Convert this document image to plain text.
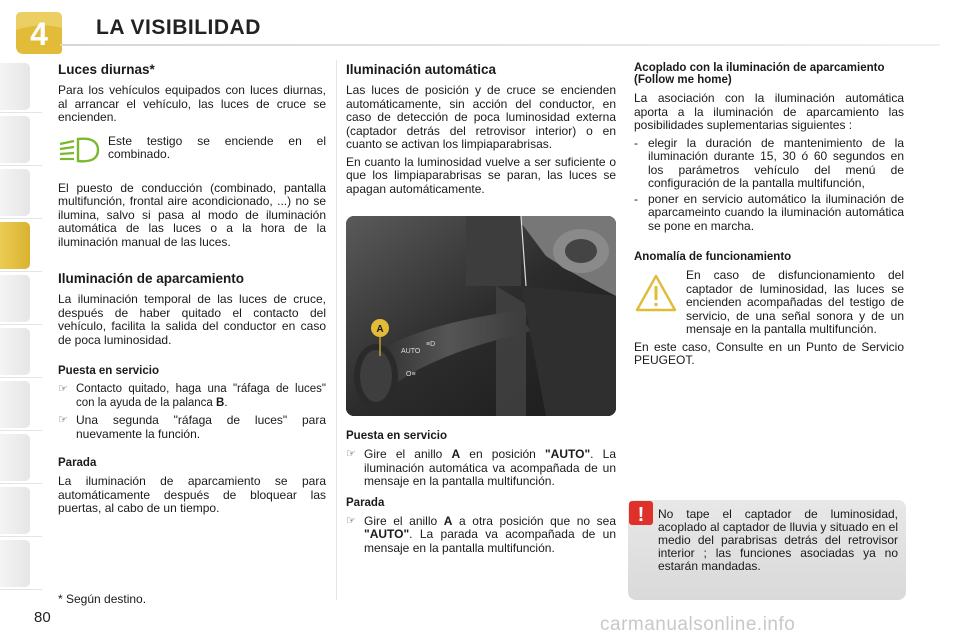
4 LA VISIBILIDAD
Luces diurnas*

Para los vehículos equipados con luces diurnas, al arrancar el vehículo, las luces de cruce se encienden.

Este testigo se enciende en el combinado.

El puesto de conducción (combinado, pantalla multifunción, frontal aire acondicionado, ...) no se ilumina, salvo si pasa al modo de iluminación automática de las luces o a la hora de la iluminación manual de las luces.

Iluminación de aparcamiento

La iluminación temporal de las luces de cruce, después de haber quitado el contacto del vehículo, facilita la salida del conductor en caso de poca luminosidad.

Puesta en servicio
☞ Contacto quitado, haga una "ráfaga de luces" con la ayuda de la palanca B.
☞ Una segunda "ráfaga de luces" para nuevamente la función.
Parada

La iluminación de aparcamiento se para automáticamente después de bloquear las puertas, al cabo de un tiempo.

* Según destino.
Iluminación automática

Las luces de posición y de cruce se encienden automáticamente, sin acción del conductor, en caso de detección de poca luminosidad externa (captador detrás del retrovisor interior) o en cuanto se activan los limpiaparabrisas.

En cuanto la luminosidad vuelve a ser suficiente o que los limpiaparabrisas se paran, las luces se apagan automáticamente.

AUTO
≡D
O≡
A
Puesta en servicio
☞ Gire el anillo A en posición "AUTO". La iluminación automática va acompañada de un mensaje en la pantalla multifunción.
Parada
☞ Gire el anillo A a otra posición que no sea "AUTO". La parada va acompañada de un mensaje en la pantalla multifunción.
Acoplado con la iluminación de aparcamiento (Follow me home)

La asociación con la iluminación automática aporta a la iluminación de aparcamiento las posibilidades suplementarias siguientes :

- elegir la duración de mantenimiento de la iluminación durante 15, 30 ó 60 segundos en los parámetros vehículo del menú de configuración de la pantalla multifunción,
- poner en servicio automático la iluminación de aparcameinto cuando la iluminación automática se pone en marcha.
Anomalía de funcionamiento

En caso de disfuncionamiento del captador de luminosidad, las luces se encienden acompañadas del testigo de servicio, de una señal sonora y de un mensaje en la pantalla multifunción.

En este caso, Consulte en un Punto de Servicio PEUGEOT.

! No tape el captador de luminosidad, acoplado al captador de lluvia y situado en el medio del parabrisas detrás del retrovisor interior ; las funciones asociadas ya no estarán mandadas.

80	carmanualsonline.info
